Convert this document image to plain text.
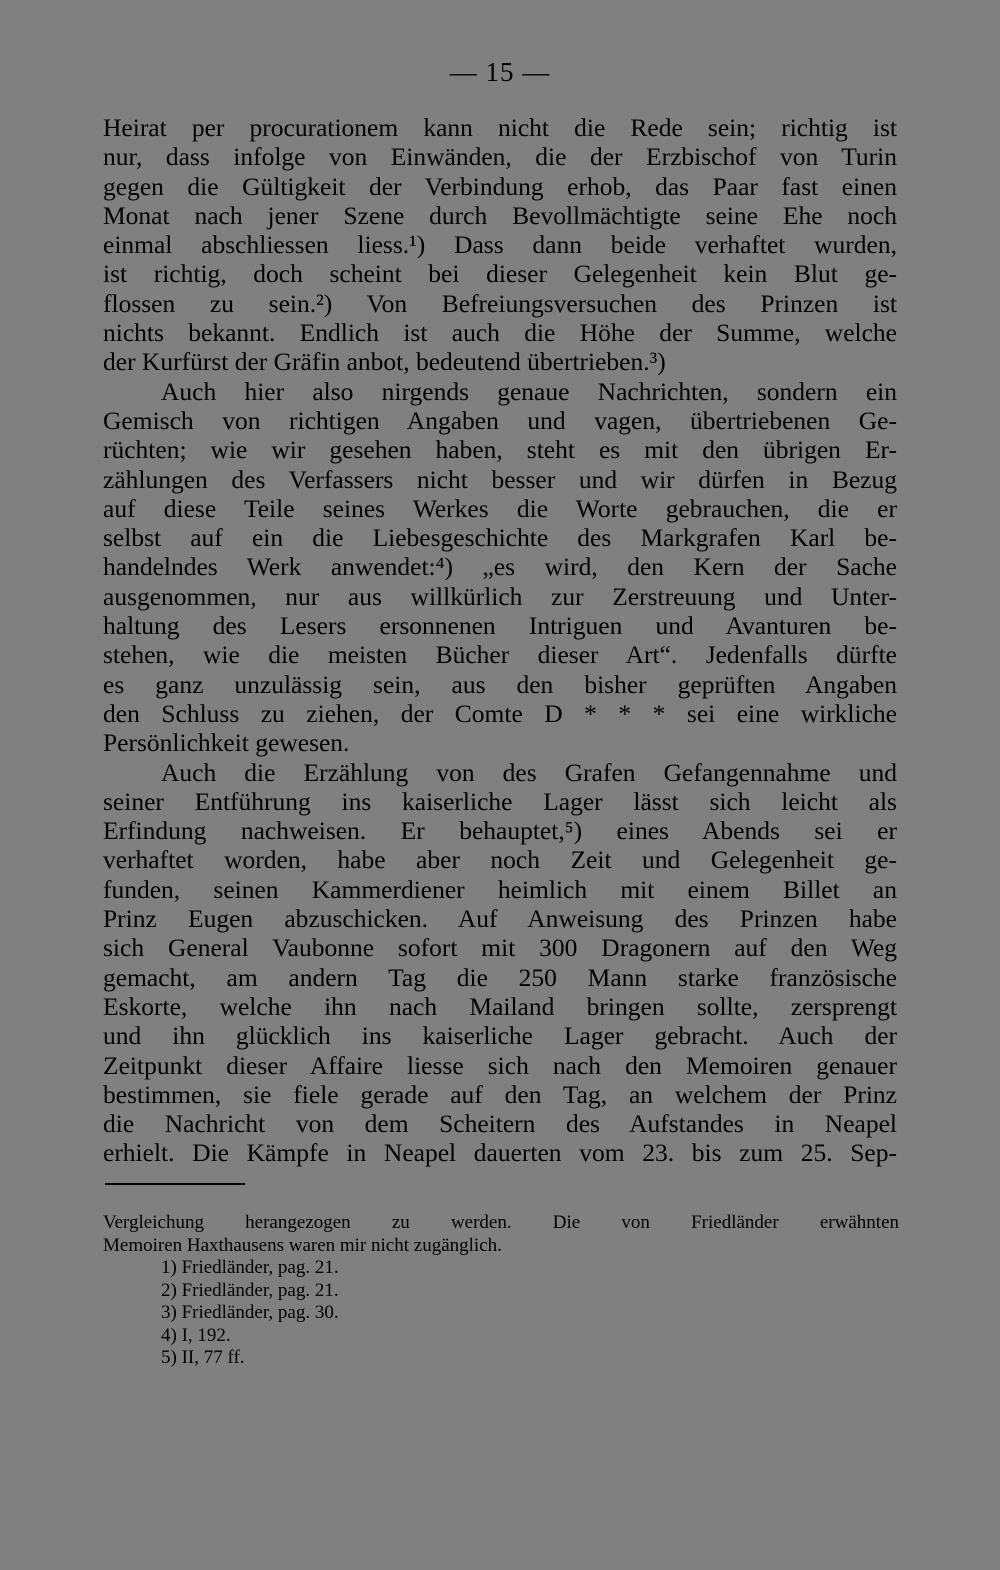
— 15 —
Heirat per procurationem kann nicht die Rede sein; richtig ist
nur, dass infolge von Einwänden, die der Erzbischof von Turin
gegen die Gültigkeit der Verbindung erhob, das Paar fast einen
Monat nach jener Szene durch Bevollmächtigte seine Ehe noch
einmal abschliessen liess.¹) Dass dann beide verhaftet wurden,
ist richtig, doch scheint bei dieser Gelegenheit kein Blut ge-
flossen zu sein.²) Von Befreiungsversuchen des Prinzen ist
nichts bekannt. Endlich ist auch die Höhe der Summe, welche
der Kurfürst der Gräfin anbot, bedeutend übertrieben.³)
Auch hier also nirgends genaue Nachrichten, sondern ein
Gemisch von richtigen Angaben und vagen, übertriebenen Ge-
rüchten; wie wir gesehen haben, steht es mit den übrigen Er-
zählungen des Verfassers nicht besser und wir dürfen in Bezug
auf diese Teile seines Werkes die Worte gebrauchen, die er
selbst auf ein die Liebesgeschichte des Markgrafen Karl be-
handelndes Werk anwendet:⁴) „es wird, den Kern der Sache
ausgenommen, nur aus willkürlich zur Zerstreuung und Unter-
haltung des Lesers ersonnenen Intriguen und Avanturen be-
stehen, wie die meisten Bücher dieser Art“. Jedenfalls dürfte
es ganz unzulässig sein, aus den bisher geprüften Angaben
den Schluss zu ziehen, der Comte D * * * sei eine wirkliche
Persönlichkeit gewesen.
Auch die Erzählung von des Grafen Gefangennahme und
seiner Entführung ins kaiserliche Lager lässt sich leicht als
Erfindung nachweisen. Er behauptet,⁵) eines Abends sei er
verhaftet worden, habe aber noch Zeit und Gelegenheit ge-
funden, seinen Kammerdiener heimlich mit einem Billet an
Prinz Eugen abzuschicken. Auf Anweisung des Prinzen habe
sich General Vaubonne sofort mit 300 Dragonern auf den Weg
gemacht, am andern Tag die 250 Mann starke französische
Eskorte, welche ihn nach Mailand bringen sollte, zersprengt
und ihn glücklich ins kaiserliche Lager gebracht. Auch der
Zeitpunkt dieser Affaire liesse sich nach den Memoiren genauer
bestimmen, sie fiele gerade auf den Tag, an welchem der Prinz
die Nachricht von dem Scheitern des Aufstandes in Neapel
erhielt. Die Kämpfe in Neapel dauerten vom 23. bis zum 25. Sep-
Vergleichung herangezogen zu werden. Die von Friedländer erwähnten
Memoiren Haxthausens waren mir nicht zugänglich.
1) Friedländer, pag. 21.
2) Friedländer, pag. 21.
3) Friedländer, pag. 30.
4) I, 192.
5) II, 77 ff.
